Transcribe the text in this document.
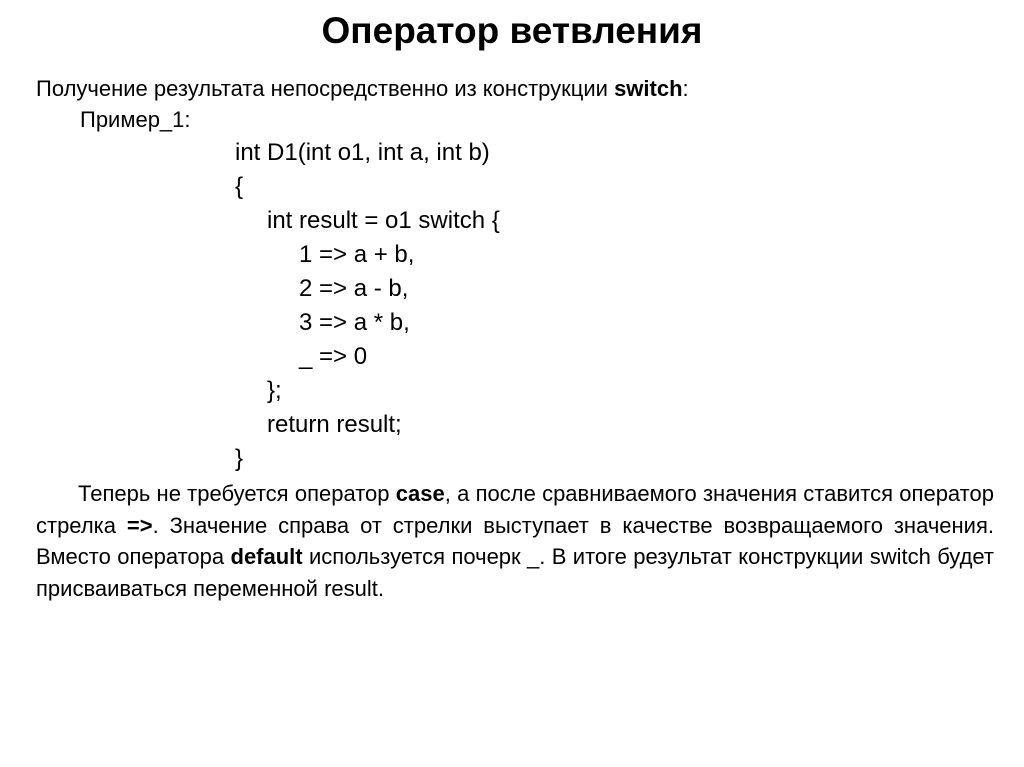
Оператор ветвления
Получение результата непосредственно из конструкции switch:
Пример_1:
int D1(int o1, int a, int b)
{
int result = o1 switch {
1 => a + b,
2 => a - b,
3 => a * b,
_ => 0
};
return result;
}
Теперь не требуется оператор case, а после сравниваемого значения ставится оператор стрелка =>. Значение справа от стрелки выступает в качестве возвращаемого значения. Вместо оператора default используется почерк _. В итоге результат конструкции switch будет присваиваться переменной result.
